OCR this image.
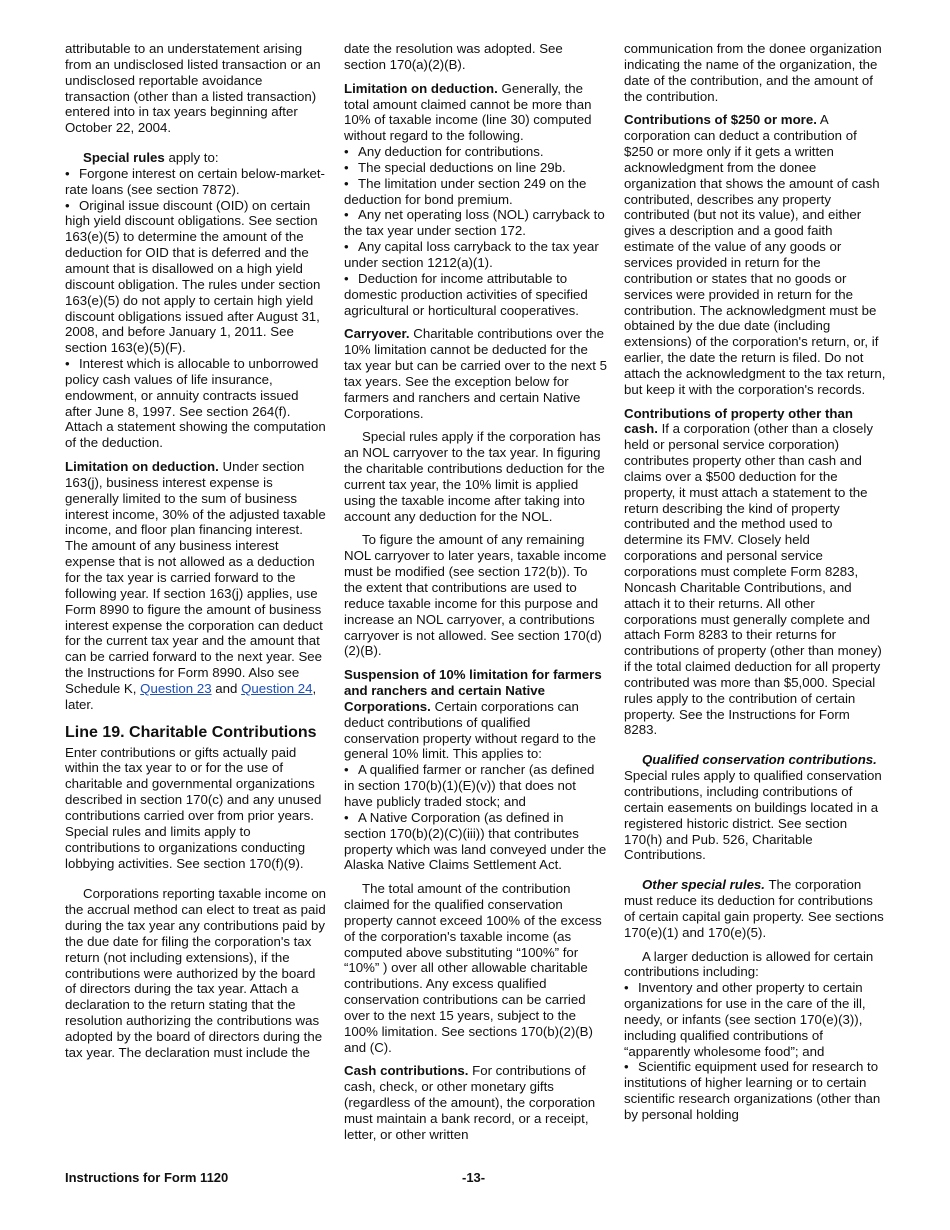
attributable to an understatement arising from an undisclosed listed transaction or an undisclosed reportable avoidance transaction (other than a listed transaction) entered into in tax years beginning after October 22, 2004.

Special rules apply to:

• Forgone interest on certain below-market-rate loans (see section 7872).

• Original issue discount (OID) on certain high yield discount obligations. See section 163(e)(5) to determine the amount of the deduction for OID that is deferred and the amount that is disallowed on a high yield discount obligation. The rules under section 163(e)(5) do not apply to certain high yield discount obligations issued after August 31, 2008, and before January 1, 2011. See section 163(e)(5)(F).

• Interest which is allocable to unborrowed policy cash values of life insurance, endowment, or annuity contracts issued after June 8, 1997. See section 264(f). Attach a statement showing the computation of the deduction.

Limitation on deduction. Under section 163(j), business interest expense is generally limited to the sum of business interest income, 30% of the adjusted taxable income, and floor plan financing interest. The amount of any business interest expense that is not allowed as a deduction for the tax year is carried forward to the following year. If section 163(j) applies, use Form 8990 to figure the amount of business interest expense the corporation can deduct for the current tax year and the amount that can be carried forward to the next year. See the Instructions for Form 8990. Also see Schedule K, Question 23 and Question 24, later.

Line 19. Charitable Contributions

Enter contributions or gifts actually paid within the tax year to or for the use of charitable and governmental organizations described in section 170(c) and any unused contributions carried over from prior years. Special rules and limits apply to contributions to organizations conducting lobbying activities. See section 170(f)(9).

Corporations reporting taxable income on the accrual method can elect to treat as paid during the tax year any contributions paid by the due date for filing the corporation's tax return (not including extensions), if the contributions were authorized by the board of directors during the tax year. Attach a declaration to the return stating that the resolution authorizing the contributions was adopted by the board of directors during the tax year. The declaration must include the

date the resolution was adopted. See section 170(a)(2)(B).

Limitation on deduction. Generally, the total amount claimed cannot be more than 10% of taxable income (line 30) computed without regard to the following.

• Any deduction for contributions.

• The special deductions on line 29b.

• The limitation under section 249 on the deduction for bond premium.

• Any net operating loss (NOL) carryback to the tax year under section 172.

• Any capital loss carryback to the tax year under section 1212(a)(1).

• Deduction for income attributable to domestic production activities of specified agricultural or horticultural cooperatives.

Carryover. Charitable contributions over the 10% limitation cannot be deducted for the tax year but can be carried over to the next 5 tax years. See the exception below for farmers and ranchers and certain Native Corporations.

Special rules apply if the corporation has an NOL carryover to the tax year. In figuring the charitable contributions deduction for the current tax year, the 10% limit is applied using the taxable income after taking into account any deduction for the NOL.

To figure the amount of any remaining NOL carryover to later years, taxable income must be modified (see section 172(b)). To the extent that contributions are used to reduce taxable income for this purpose and increase an NOL carryover, a contributions carryover is not allowed. See section 170(d)(2)(B).

Suspension of 10% limitation for farmers and ranchers and certain Native Corporations. Certain corporations can deduct contributions of qualified conservation property without regard to the general 10% limit. This applies to:

• A qualified farmer or rancher (as defined in section 170(b)(1)(E)(v)) that does not have publicly traded stock; and

• A Native Corporation (as defined in section 170(b)(2)(C)(iii)) that contributes property which was land conveyed under the Alaska Native Claims Settlement Act.

The total amount of the contribution claimed for the qualified conservation property cannot exceed 100% of the excess of the corporation's taxable income (as computed above substituting “100%” for “10%” ) over all other allowable charitable contributions. Any excess qualified conservation contributions can be carried over to the next 15 years, subject to the 100% limitation. See sections 170(b)(2)(B) and (C).

Cash contributions. For contributions of cash, check, or other monetary gifts (regardless of the amount), the corporation must maintain a bank record, or a receipt, letter, or other written

communication from the donee organization indicating the name of the organization, the date of the contribution, and the amount of the contribution.

Contributions of $250 or more. A corporation can deduct a contribution of $250 or more only if it gets a written acknowledgment from the donee organization that shows the amount of cash contributed, describes any property contributed (but not its value), and either gives a description and a good faith estimate of the value of any goods or services provided in return for the contribution or states that no goods or services were provided in return for the contribution. The acknowledgment must be obtained by the due date (including extensions) of the corporation's return, or, if earlier, the date the return is filed. Do not attach the acknowledgment to the tax return, but keep it with the corporation's records.

Contributions of property other than cash. If a corporation (other than a closely held or personal service corporation) contributes property other than cash and claims over a $500 deduction for the property, it must attach a statement to the return describing the kind of property contributed and the method used to determine its FMV. Closely held corporations and personal service corporations must complete Form 8283, Noncash Charitable Contributions, and attach it to their returns. All other corporations must generally complete and attach Form 8283 to their returns for contributions of property (other than money) if the total claimed deduction for all property contributed was more than $5,000. Special rules apply to the contribution of certain property. See the Instructions for Form 8283.

Qualified conservation contributions. Special rules apply to qualified conservation contributions, including contributions of certain easements on buildings located in a registered historic district. See section 170(h) and Pub. 526, Charitable Contributions.

Other special rules. The corporation must reduce its deduction for contributions of certain capital gain property. See sections 170(e)(1) and 170(e)(5).

A larger deduction is allowed for certain contributions including:

• Inventory and other property to certain organizations for use in the care of the ill, needy, or infants (see section 170(e)(3)), including qualified contributions of “apparently wholesome food”; and

• Scientific equipment used for research to institutions of higher learning or to certain scientific research organizations (other than by personal holding

Instructions for Form 1120	-13-
